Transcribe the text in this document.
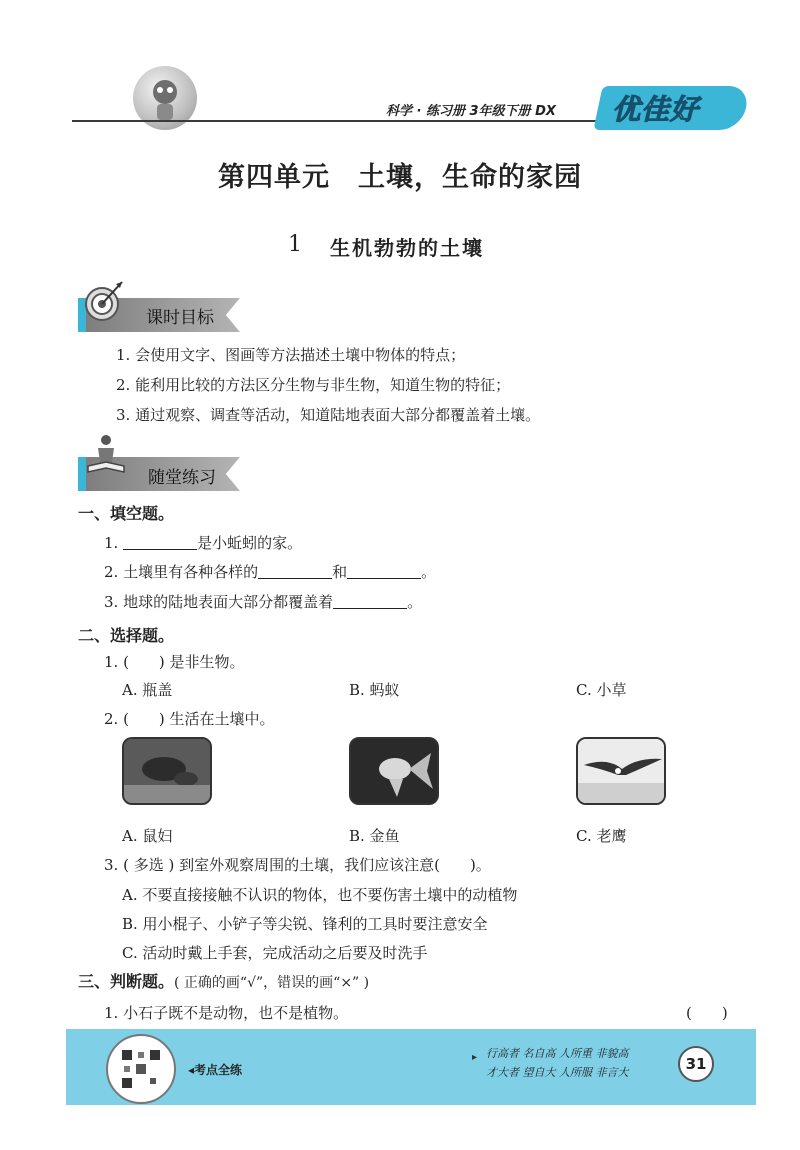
科学 · 练习册 3年级下册 DX 优佳好
第四单元　土壤，生命的家园
1 生机勃勃的土壤
课时目标
1. 会使用文字、图画等方法描述土壤中物体的特点；
2. 能利用比较的方法区分生物与非生物，知道生物的特征；
3. 通过观察、调查等活动，知道陆地表面大部分都覆盖着土壤。
随堂练习
一、填空题。
1.	是小蚯蚓的家。
2. 土壤里有各种各样的	和	。
3. 地球的陆地表面大部分都覆盖着	。
二、选择题。
1. (　　) 是非生物。
A. 瓶盖	B. 蚂蚁	C. 小草
2. (　　) 生活在土壤中。
A. 鼠妇	B. 金鱼	C. 老鹰
3. ( 多选 ) 到室外观察周围的土壤，我们应该注意(　　)。
A. 不要直接接触不认识的物体，也不要伤害土壤中的动植物
B. 用小棍子、小铲子等尖锐、锋利的工具时要注意安全
C. 活动时戴上手套，完成活动之后要及时洗手
三、判断题。( 正确的画“√”，错误的画“×” )
1. 小石子既不是动物，也不是植物。	(　　)
◂考点全练
▸ 行高者 名自高 人所重 非貌高
才大者 望自大 人所服 非言大	31
